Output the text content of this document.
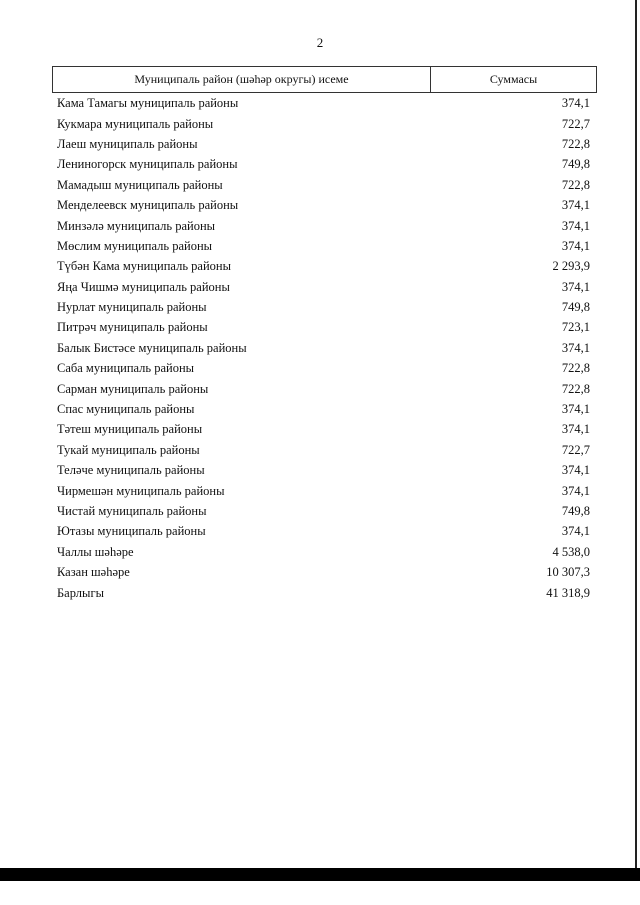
2
Муниципаль район (шәһәр округы) исеме	Суммасы
Кама Тамагы муниципаль районы	374,1
Кукмара муниципаль районы	722,7
Лаеш муниципаль районы	722,8
Лениногорск муниципаль районы	749,8
Мамадыш муниципаль районы	722,8
Менделеевск муниципаль районы	374,1
Минзәлә муниципаль районы	374,1
Мөслим муниципаль районы	374,1
Түбән Кама муниципаль районы	2 293,9
Яңа Чишмә муниципаль районы	374,1
Нурлат муниципаль районы	749,8
Питрәч муниципаль районы	723,1
Балык Бистәсе муниципаль районы	374,1
Саба муниципаль районы	722,8
Сарман муниципаль районы	722,8
Спас муниципаль районы	374,1
Тәтеш муниципаль районы	374,1
Тукай муниципаль районы	722,7
Теләче муниципаль районы	374,1
Чирмешән муниципаль районы	374,1
Чистай муниципаль районы	749,8
Ютазы муниципаль районы	374,1
Чаллы шәһәре	4 538,0
Казан шәһәре	10 307,3
Барлыгы	41 318,9
